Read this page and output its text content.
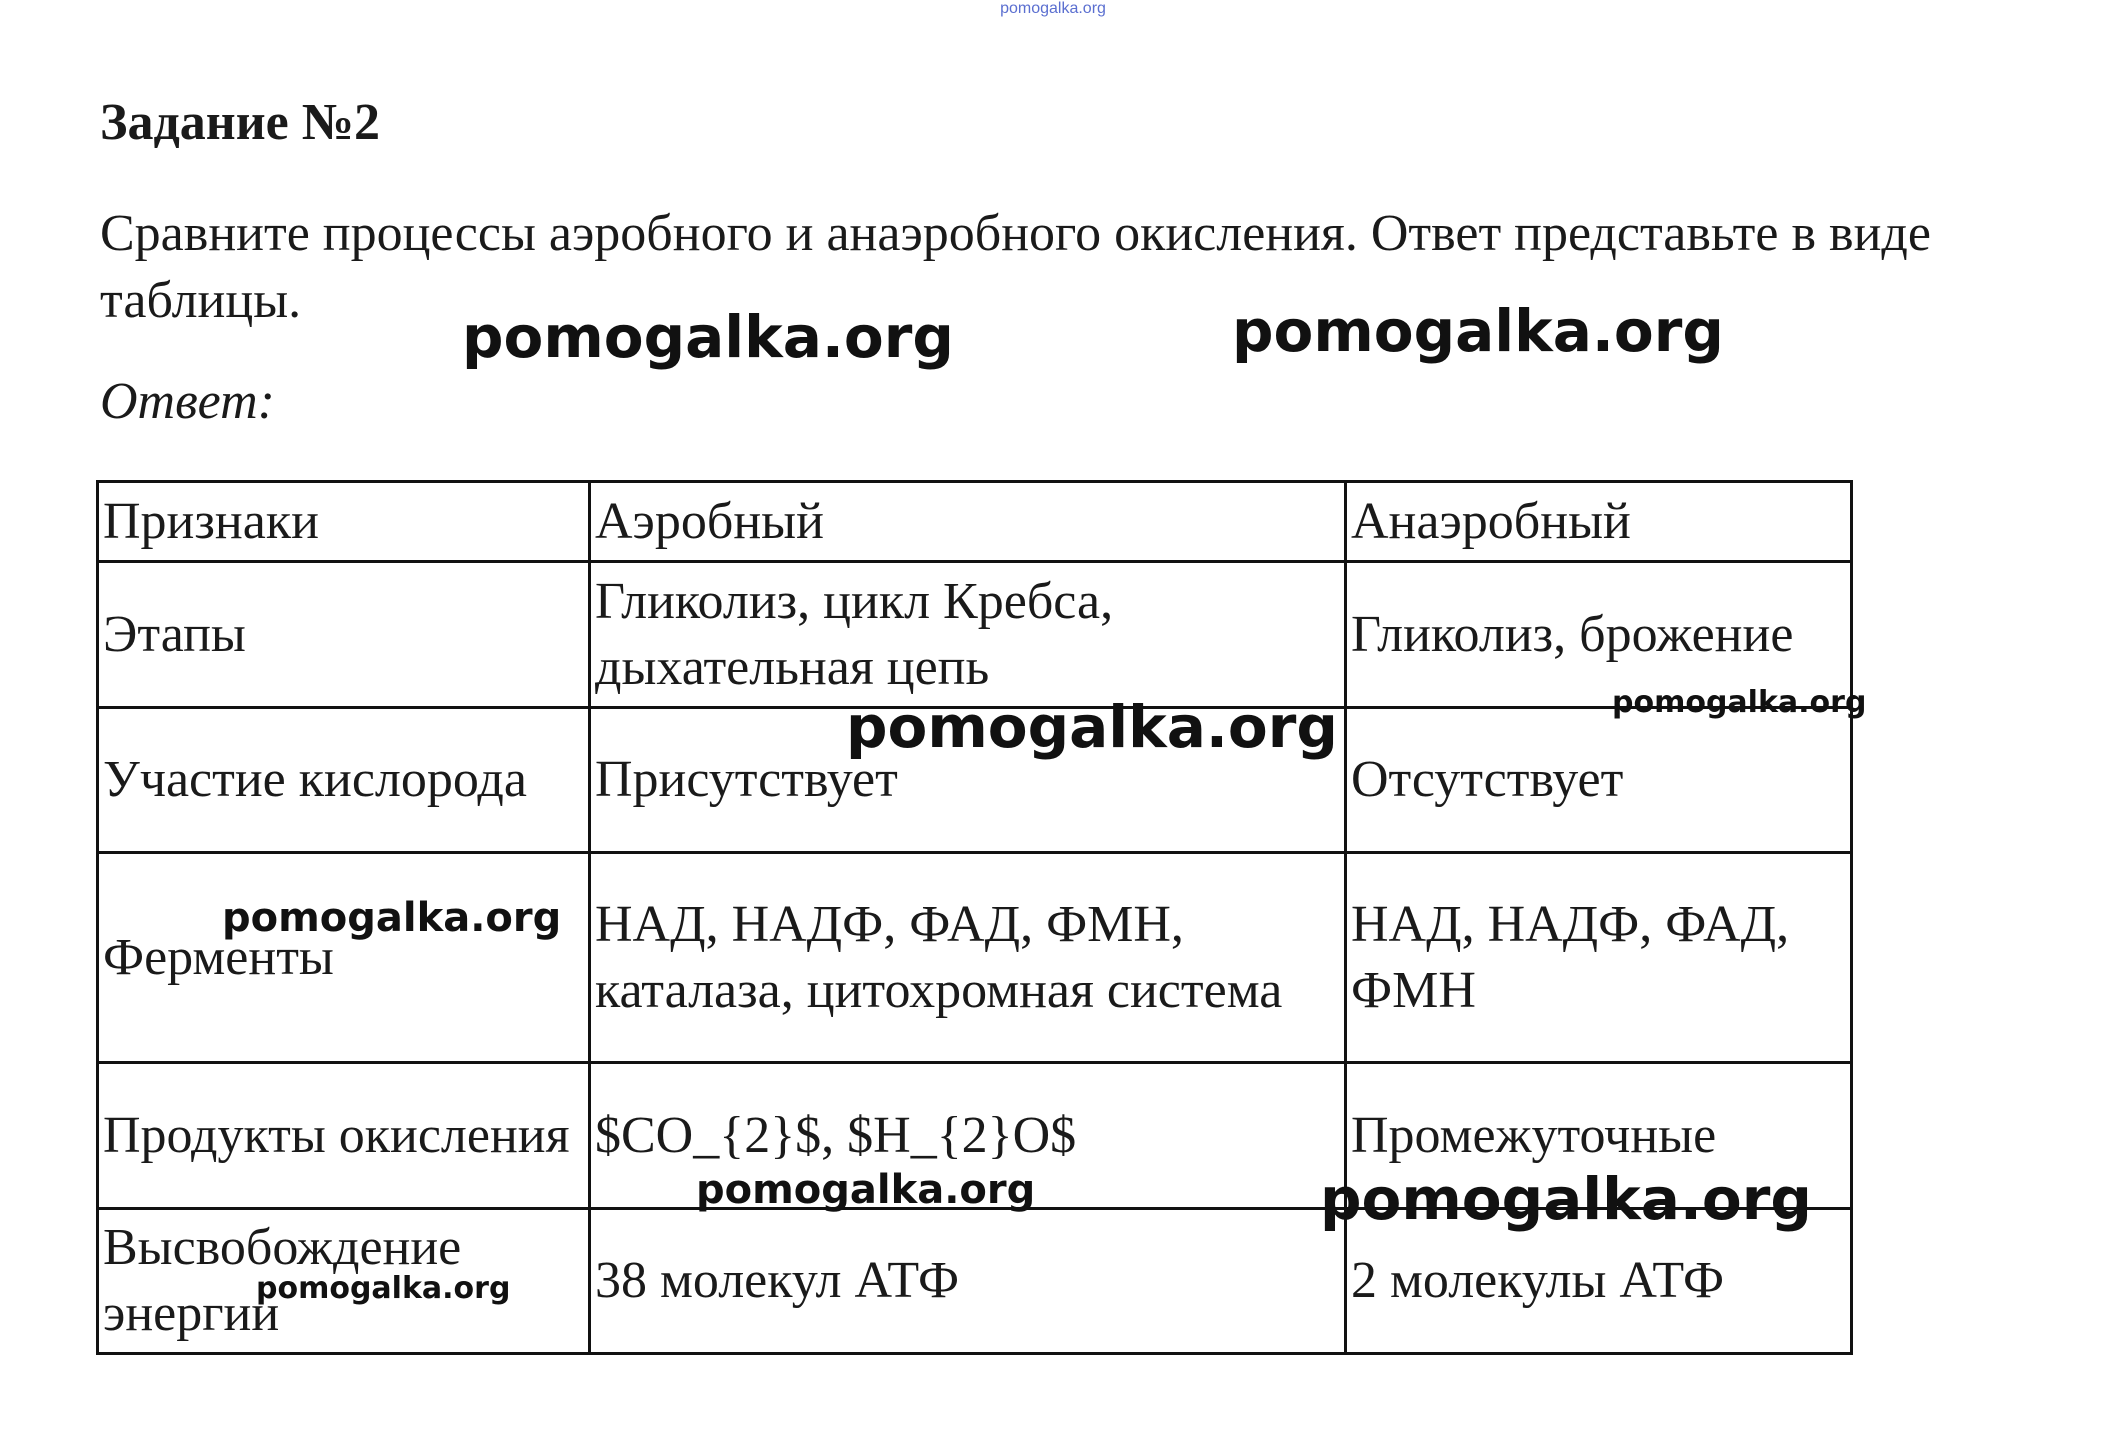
pomogalka.org
Задание №2

Сравните процессы аэробного и анаэробного окисления. Ответ представьте в виде таблицы.

Ответ:

Признаки	Аэробный	Анаэробный
Этапы	Гликолиз, цикл Кребса, дыхательная цепь	Гликолиз, брожение
Участие кислорода	Присутствует	Отсутствует
Ферменты	НАД, НАДФ, ФАД, ФМН, каталаза, цитохромная система	НАД, НАДФ, ФАД, ФМН
Продукты окисления	$CO_{2}$, $H_{2}O$	Промежуточные
Высвобождение энергии	38 молекул АТФ	2 молекулы АТФ
pomogalka.org	pomogalka.org
pomogalka.org	pomogalka.org
pomogalka.org
pomogalka.org	pomogalka.org
pomogalka.org
